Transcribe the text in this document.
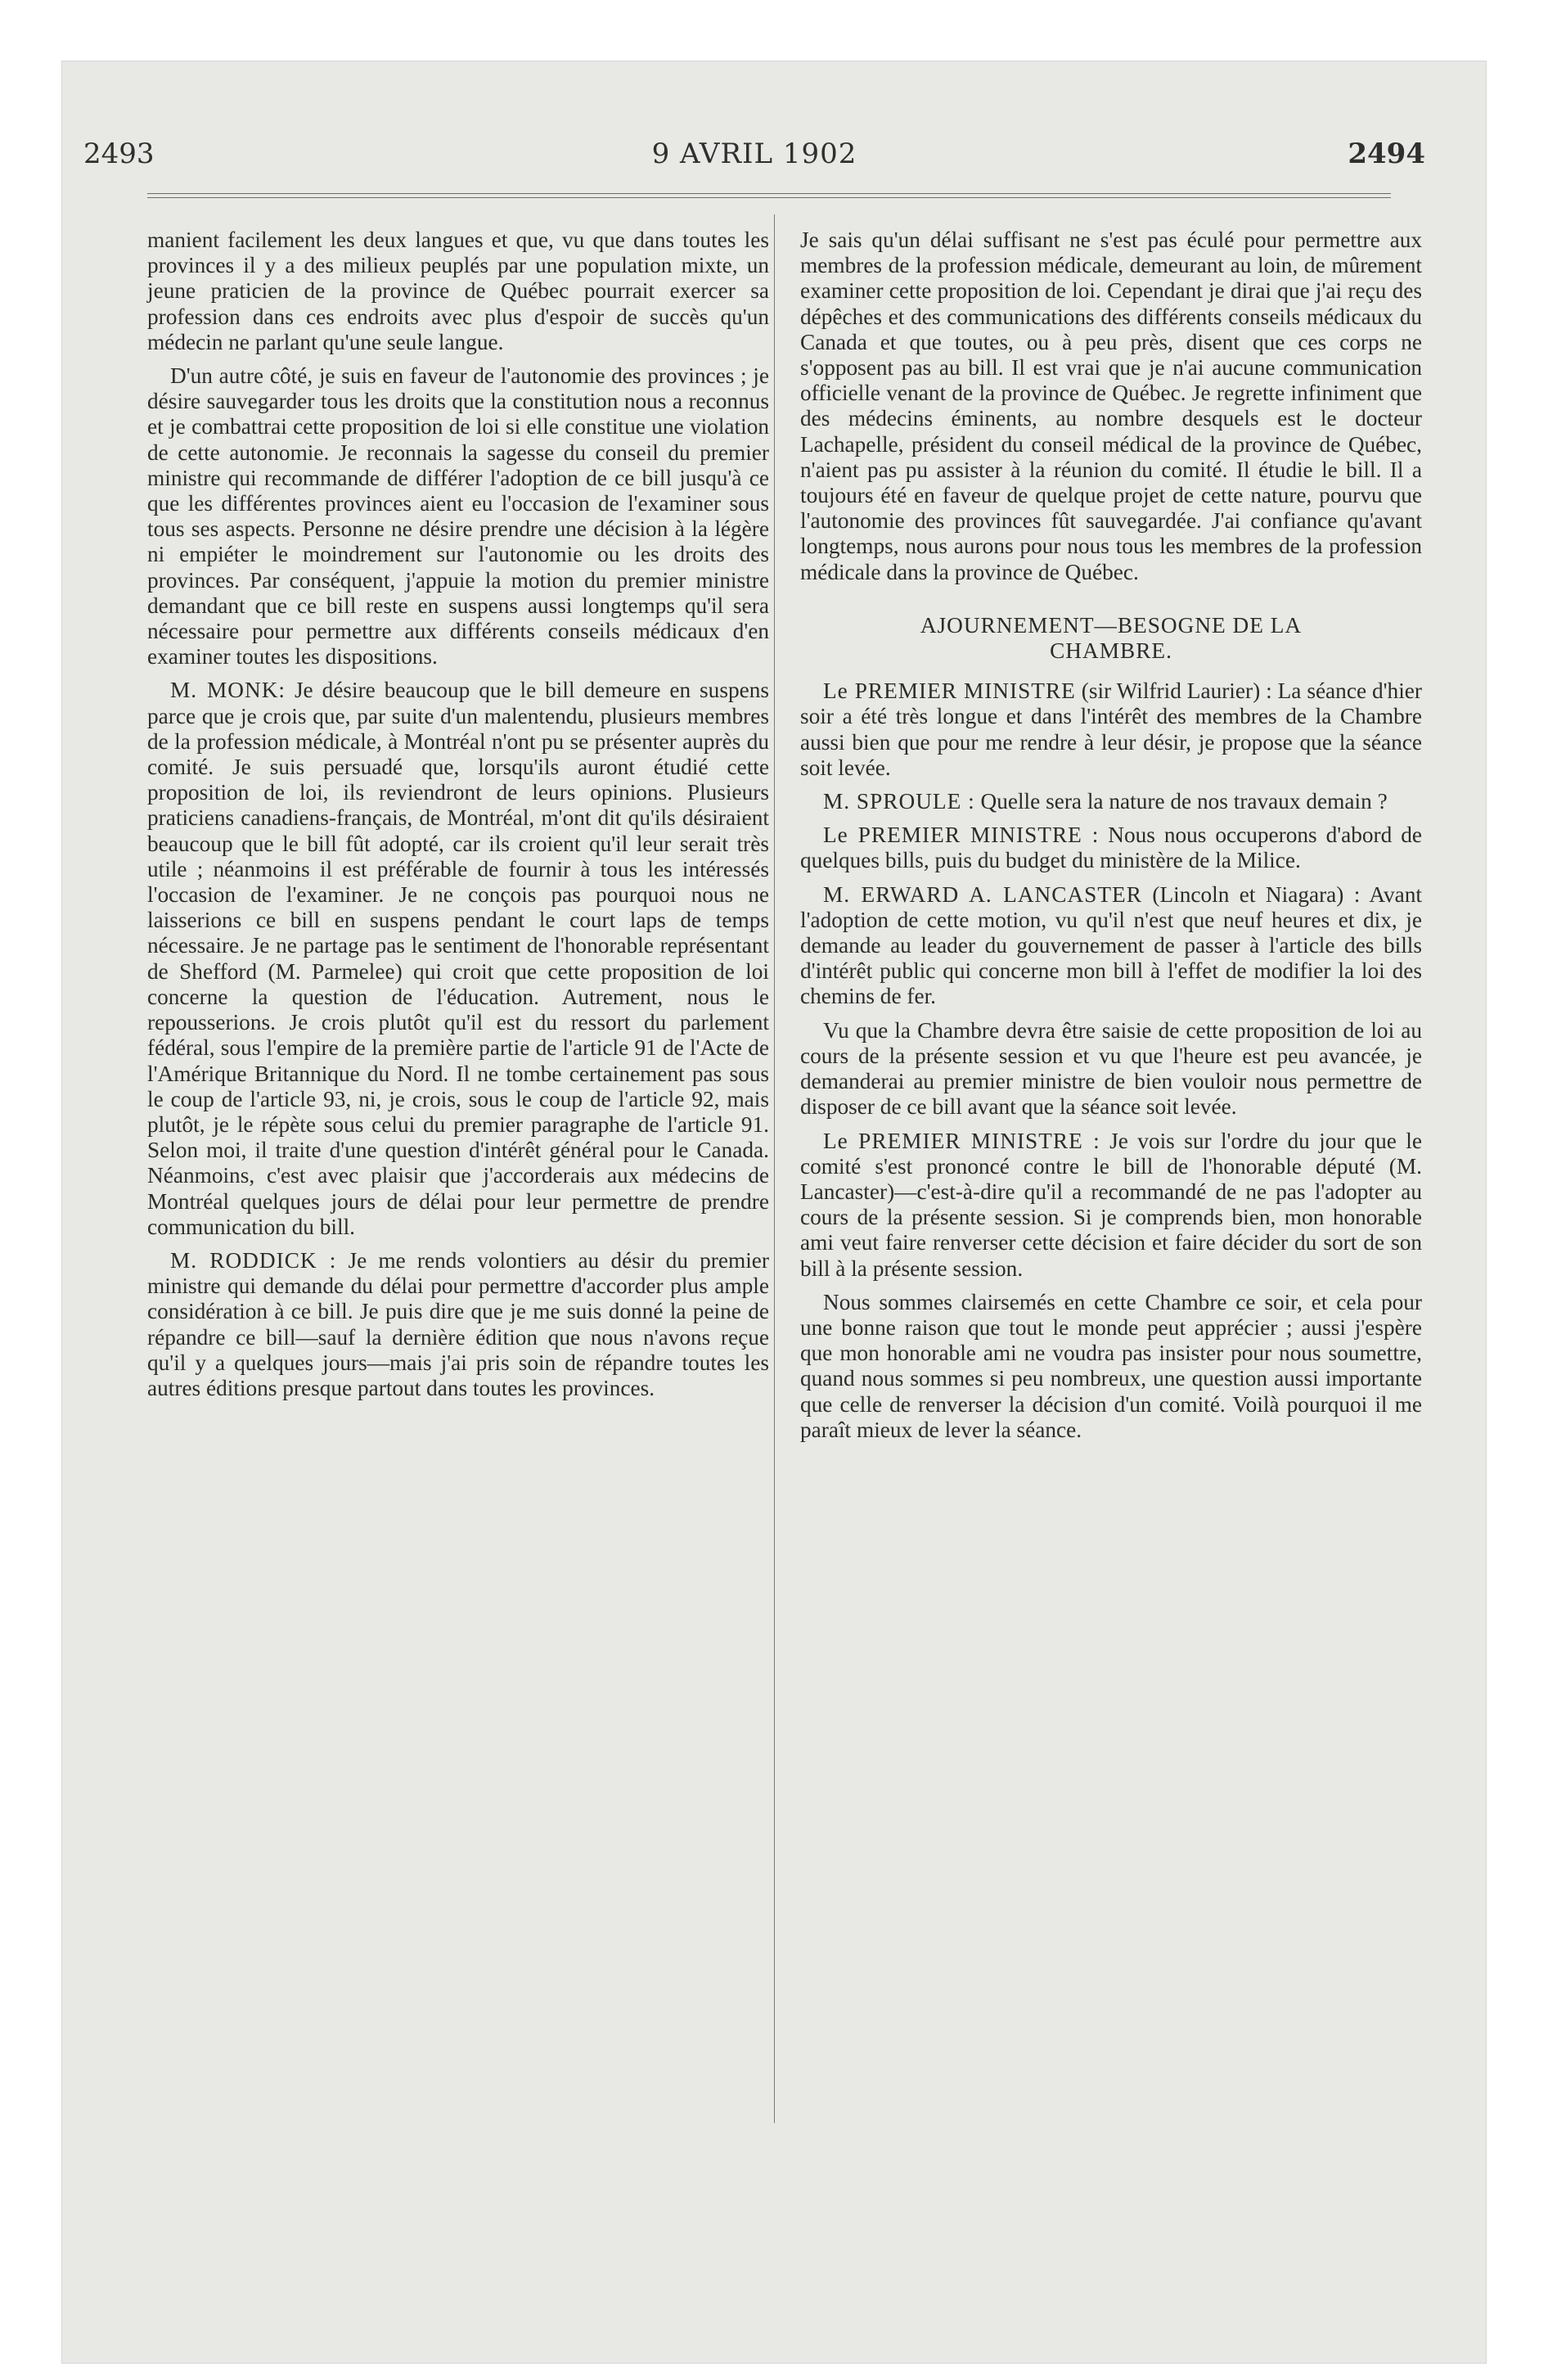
9 AVRIL 1902
2493	2494

manient facilement les deux langues et que, vu que dans toutes les provinces il y a des milieux peuplés par une population mixte, un jeune praticien de la province de Québec pourrait exercer sa profession dans ces endroits avec plus d'espoir de succès qu'un médecin ne parlant qu'une seule langue.

D'un autre côté, je suis en faveur de l'autonomie des provinces ; je désire sauvegarder tous les droits que la constitution nous a reconnus et je combattrai cette proposition de loi si elle constitue une violation de cette autonomie. Je reconnais la sagesse du conseil du premier ministre qui recommande de différer l'adoption de ce bill jusqu'à ce que les différentes provinces aient eu l'occasion de l'examiner sous tous ses aspects. Personne ne désire prendre une décision à la légère ni empiéter le moindrement sur l'autonomie ou les droits des provinces. Par conséquent, j'appuie la motion du premier ministre demandant que ce bill reste en suspens aussi longtemps qu'il sera nécessaire pour permettre aux différents conseils médicaux d'en examiner toutes les dispositions.

M. MONK: Je désire beaucoup que le bill demeure en suspens parce que je crois que, par suite d'un malentendu, plusieurs membres de la profession médicale, à Montréal n'ont pu se présenter auprès du comité. Je suis persuadé que, lorsqu'ils auront étudié cette proposition de loi, ils reviendront de leurs opinions. Plusieurs praticiens canadiens-français, de Montréal, m'ont dit qu'ils désiraient beaucoup que le bill fût adopté, car ils croient qu'il leur serait très utile ; néanmoins il est préférable de fournir à tous les intéressés l'occasion de l'examiner. Je ne conçois pas pourquoi nous ne laisserions ce bill en suspens pendant le court laps de temps nécessaire. Je ne partage pas le sentiment de l'honorable représentant de Shefford (M. Parmelee) qui croit que cette proposition de loi concerne la question de l'éducation. Autrement, nous le repousserions. Je crois plutôt qu'il est du ressort du parlement fédéral, sous l'empire de la première partie de l'article 91 de l'Acte de l'Amérique Britannique du Nord. Il ne tombe certainement pas sous le coup de l'article 93, ni, je crois, sous le coup de l'article 92, mais plutôt, je le répète sous celui du premier paragraphe de l'article 91. Selon moi, il traite d'une question d'intérêt général pour le Canada. Néanmoins, c'est avec plaisir que j'accorderais aux médecins de Montréal quelques jours de délai pour leur permettre de prendre communication du bill.

M. RODDICK : Je me rends volontiers au désir du premier ministre qui demande du délai pour permettre d'accorder plus ample considération à ce bill. Je puis dire que je me suis donné la peine de répandre ce bill—sauf la dernière édition que nous n'avons reçue qu'il y a quelques jours—mais j'ai pris soin de répandre toutes les autres éditions presque partout dans toutes les provinces.

Je sais qu'un délai suffisant ne s'est pas éculé pour permettre aux membres de la profession médicale, demeurant au loin, de mûrement examiner cette proposition de loi. Cependant je dirai que j'ai reçu des dépêches et des communications des différents conseils médicaux du Canada et que toutes, ou à peu près, disent que ces corps ne s'opposent pas au bill. Il est vrai que je n'ai aucune communication officielle venant de la province de Québec. Je regrette infiniment que des médecins éminents, au nombre desquels est le docteur Lachapelle, président du conseil médical de la province de Québec, n'aient pas pu assister à la réunion du comité. Il étudie le bill. Il a toujours été en faveur de quelque projet de cette nature, pourvu que l'autonomie des provinces fût sauvegardée. J'ai confiance qu'avant longtemps, nous aurons pour nous tous les membres de la profession médicale dans la province de Québec.

AJOURNEMENT—BESOGNE DE LA
CHAMBRE.

Le PREMIER MINISTRE (sir Wilfrid Laurier) : La séance d'hier soir a été très longue et dans l'intérêt des membres de la Chambre aussi bien que pour me rendre à leur désir, je propose que la séance soit levée.

M. SPROULE : Quelle sera la nature de nos travaux demain ?

Le PREMIER MINISTRE : Nous nous occuperons d'abord de quelques bills, puis du budget du ministère de la Milice.

M. ERWARD A. LANCASTER (Lincoln et Niagara) : Avant l'adoption de cette motion, vu qu'il n'est que neuf heures et dix, je demande au leader du gouvernement de passer à l'article des bills d'intérêt public qui concerne mon bill à l'effet de modifier la loi des chemins de fer.

Vu que la Chambre devra être saisie de cette proposition de loi au cours de la présente session et vu que l'heure est peu avancée, je demanderai au premier ministre de bien vouloir nous permettre de disposer de ce bill avant que la séance soit levée.

Le PREMIER MINISTRE : Je vois sur l'ordre du jour que le comité s'est prononcé contre le bill de l'honorable député (M. Lancaster)—c'est-à-dire qu'il a recommandé de ne pas l'adopter au cours de la présente session. Si je comprends bien, mon honorable ami veut faire renverser cette décision et faire décider du sort de son bill à la présente session.

Nous sommes clairsemés en cette Chambre ce soir, et cela pour une bonne raison que tout le monde peut apprécier ; aussi j'espère que mon honorable ami ne voudra pas insister pour nous soumettre, quand nous sommes si peu nombreux, une question aussi importante que celle de renverser la décision d'un comité. Voilà pourquoi il me paraît mieux de lever la séance.
